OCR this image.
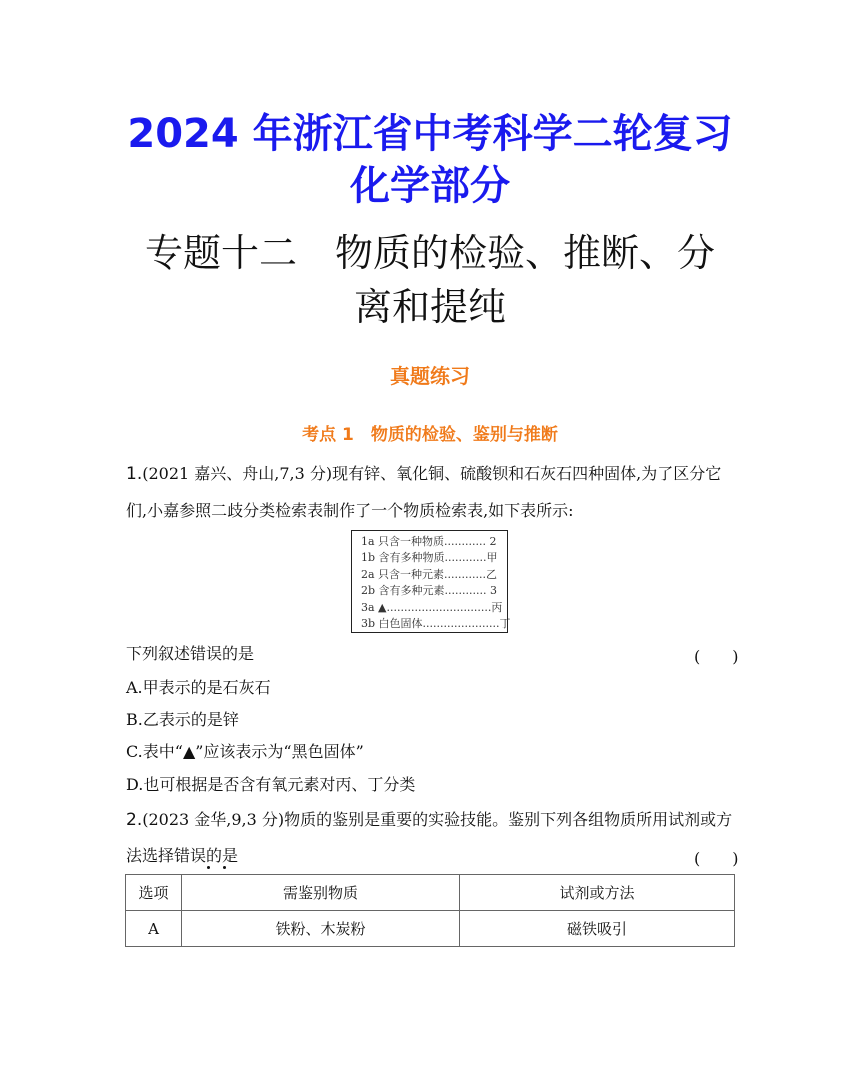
2024 年浙江省中考科学二轮复习
化学部分
专题十二　物质的检验、推断、分
离和提纯
真题练习
考点 1　物质的检验、鉴别与推断
1.(2021 嘉兴、舟山,7,3 分)现有锌、氧化铜、硫酸钡和石灰石四种固体,为了区分它
们,小嘉参照二歧分类检索表制作了一个物质检索表,如下表所示:
1a 只含一种物质............ 2
1b 含有多种物质............甲
2a 只含一种元素............乙
2b 含有多种元素............ 3
3a ▲..............................丙
3b 白色固体......................丁
下列叙述错误的是	(　　)
A.甲表示的是石灰石
B.乙表示的是锌
C.表中“▲”应该表示为“黑色固体”
D.也可根据是否含有氧元素对丙、丁分类
2.(2023 金华,9,3 分)物质的鉴别是重要的实验技能。鉴别下列各组物质所用试剂或方
法选择错误的是	(　　)
选项	需鉴别物质	试剂或方法
A	铁粉、木炭粉	磁铁吸引
